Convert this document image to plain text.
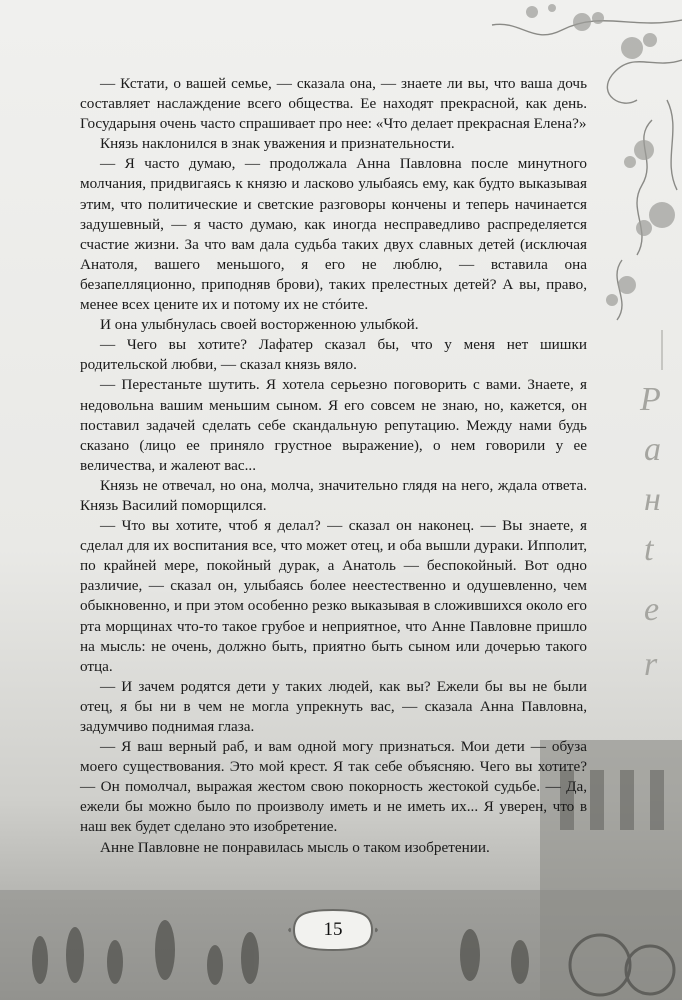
P
a
н
t
e
r
15

— Кстати, о вашей семье, — сказала она, — знаете ли вы, что ваша дочь составляет наслаждение всего общества. Ее находят прекрасной, как день. Государыня очень часто спрашивает про нее: «Что делает прекрасная Елена?»

Князь наклонился в знак уважения и признательности.

— Я часто думаю, — продолжала Анна Павловна после минутного молчания, придвигаясь к князю и ласково улыбаясь ему, как будто выказывая этим, что политические и светские разговоры кончены и теперь начинается задушевный, — я часто думаю, как иногда несправедливо распределяется счастие жизни. За что вам дала судьба таких двух славных детей (исключая Анатоля, вашего меньшого, я его не люблю, — вставила она безапелляционно, приподняв брови), таких прелестных детей? А вы, право, менее всех цените их и потому их не стóите.

И она улыбнулась своей восторженною улыбкой.

— Чего вы хотите? Лафатер сказал бы, что у меня нет шишки родительской любви, — сказал князь вяло.

— Перестаньте шутить. Я хотела серьезно поговорить с вами. Знаете, я недовольна вашим меньшим сыном. Я его совсем не знаю, но, кажется, он поставил задачей сделать себе скандальную репутацию. Между нами будь сказано (лицо ее приняло грустное выражение), о нем говорили у ее величества, и жалеют вас...

Князь не отвечал, но она, молча, значительно глядя на него, ждала ответа. Князь Василий поморщился.

— Что вы хотите, чтоб я делал? — сказал он наконец. — Вы знаете, я сделал для их воспитания все, что может отец, и оба вышли дураки. Ипполит, по крайней мере, покойный дурак, а Анатоль — беспокойный. Вот одно различие, — сказал он, улыбаясь более неестественно и одушевленно, чем обыкновенно, и при этом особенно резко выказывая в сложившихся около его рта морщинах что-то такое грубое и неприятное, что Анне Павловне пришло на мысль: не очень, должно быть, приятно быть сыном или дочерью такого отца.

— И зачем родятся дети у таких людей, как вы? Ежели бы вы не были отец, я бы ни в чем не могла упрекнуть вас, — сказала Анна Павловна, задумчиво поднимая глаза.

— Я ваш верный раб, и вам одной могу признаться. Мои дети — обуза моего существования. Это мой крест. Я так себе объясняю. Чего вы хотите? — Он помолчал, выражая жестом свою покорность жестокой судьбе. — Да, ежели бы можно было по произволу иметь и не иметь их... Я уверен, что в наш век будет сделано это изобретение.

Анне Павловне не понравилась мысль о таком изобретении.
